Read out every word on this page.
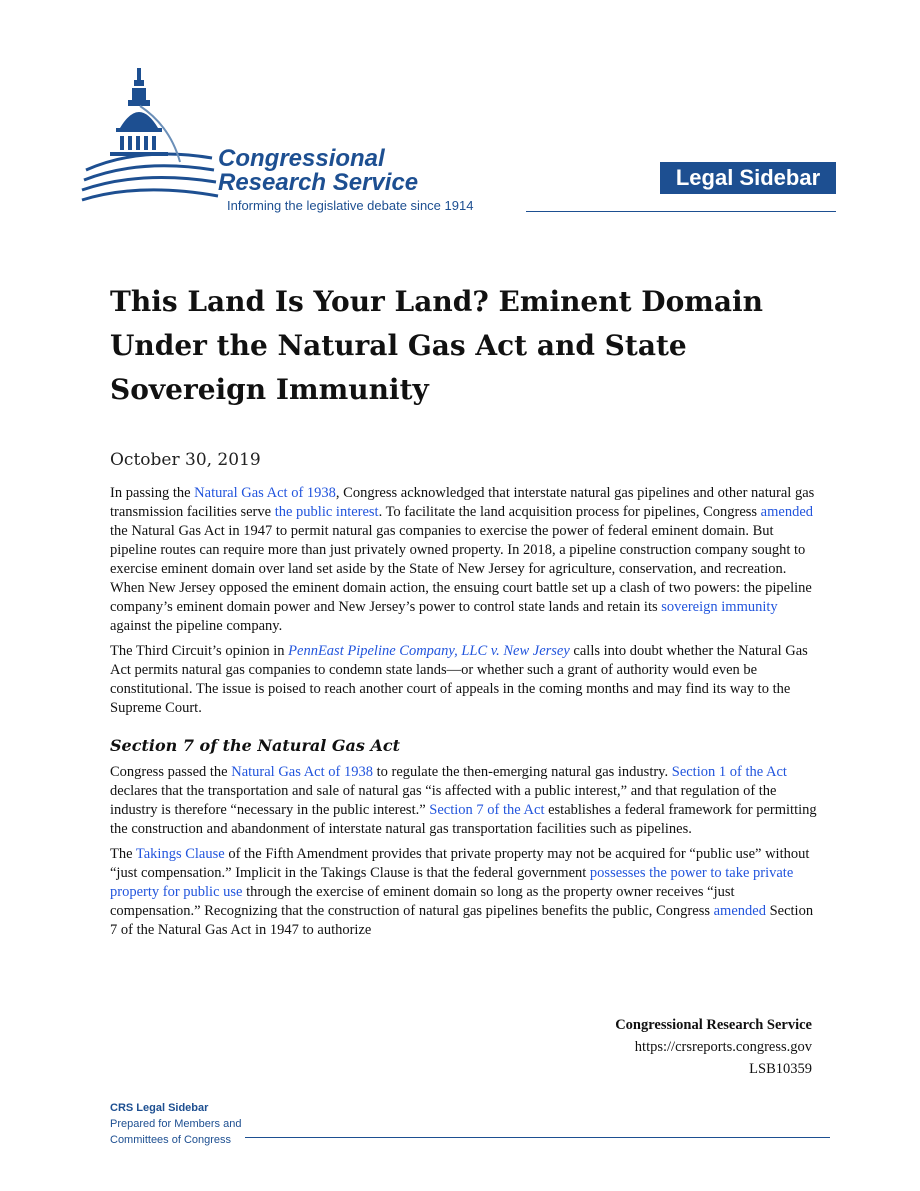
Congressional
Research Service
Informing the legislative debate since 1914
Legal Sidebar
This Land Is Your Land? Eminent Domain Under the Natural Gas Act and State Sovereign Immunity
October 30, 2019

In passing the Natural Gas Act of 1938, Congress acknowledged that interstate natural gas pipelines and other natural gas transmission facilities serve the public interest. To facilitate the land acquisition process for pipelines, Congress amended the Natural Gas Act in 1947 to permit natural gas companies to exercise the power of federal eminent domain. But pipeline routes can require more than just privately owned property. In 2018, a pipeline construction company sought to exercise eminent domain over land set aside by the State of New Jersey for agriculture, conservation, and recreation. When New Jersey opposed the eminent domain action, the ensuing court battle set up a clash of two powers: the pipeline company’s eminent domain power and New Jersey’s power to control state lands and retain its sovereign immunity against the pipeline company.

The Third Circuit’s opinion in PennEast Pipeline Company, LLC v. New Jersey calls into doubt whether the Natural Gas Act permits natural gas companies to condemn state lands—or whether such a grant of authority would even be constitutional. The issue is poised to reach another court of appeals in the coming months and may find its way to the Supreme Court.

Section 7 of the Natural Gas Act

Congress passed the Natural Gas Act of 1938 to regulate the then-emerging natural gas industry. Section 1 of the Act declares that the transportation and sale of natural gas “is affected with a public interest,” and that regulation of the industry is therefore “necessary in the public interest.” Section 7 of the Act establishes a federal framework for permitting the construction and abandonment of interstate natural gas transportation facilities such as pipelines.

The Takings Clause of the Fifth Amendment provides that private property may not be acquired for “public use” without “just compensation.” Implicit in the Takings Clause is that the federal government possesses the power to take private property for public use through the exercise of eminent domain so long as the property owner receives “just compensation.” Recognizing that the construction of natural gas pipelines benefits the public, Congress amended Section 7 of the Natural Gas Act in 1947 to authorize

Congressional Research Service
https://crsreports.congress.gov
LSB10359
CRS Legal Sidebar
Prepared for Members and
Committees of Congress
